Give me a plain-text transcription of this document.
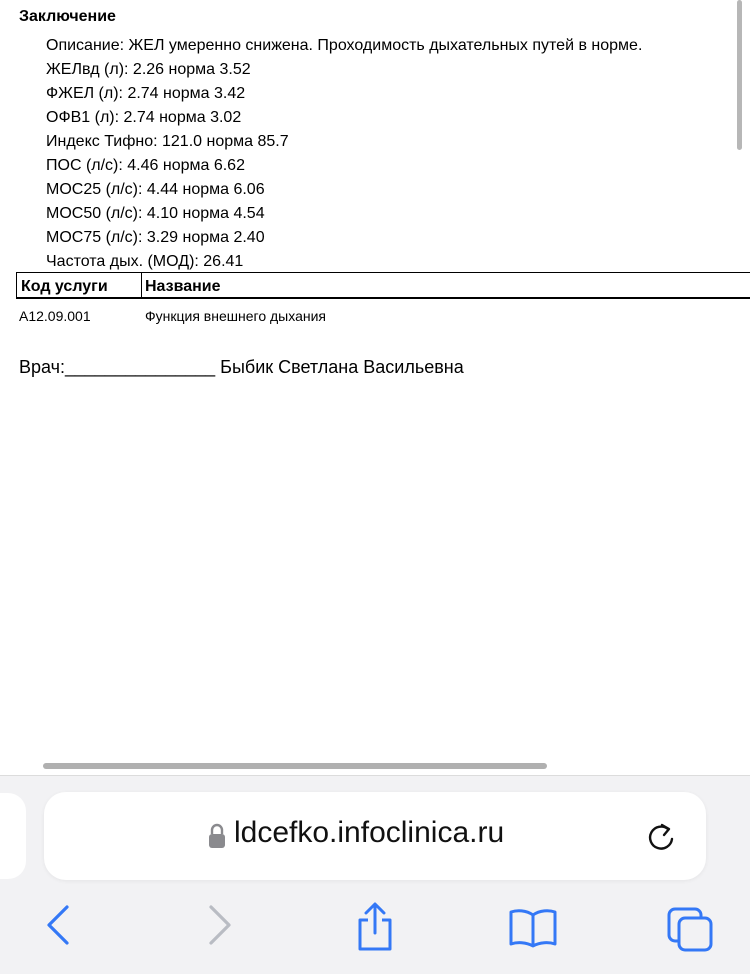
Заключение
Описание: ЖЕЛ умеренно снижена. Проходимость дыхательных путей в норме.
ЖЕЛвд (л): 2.26 норма 3.52
ФЖЕЛ (л): 2.74 норма 3.42
ОФВ1 (л): 2.74 норма 3.02
Индекс Тифно: 121.0 норма 85.7
ПОС (л/с): 4.46 норма 6.62
МОС25 (л/с): 4.44 норма 6.06
МОС50 (л/с): 4.10 норма 4.54
МОС75 (л/с): 3.29 норма 2.40
Частота дых. (МОД): 26.41
Код услуги Название
A12.09.001	Функция внешнего дыхания
Врач:_______________ Быбик Светлана Васильевна
ldcefko.infoclinica.ru
